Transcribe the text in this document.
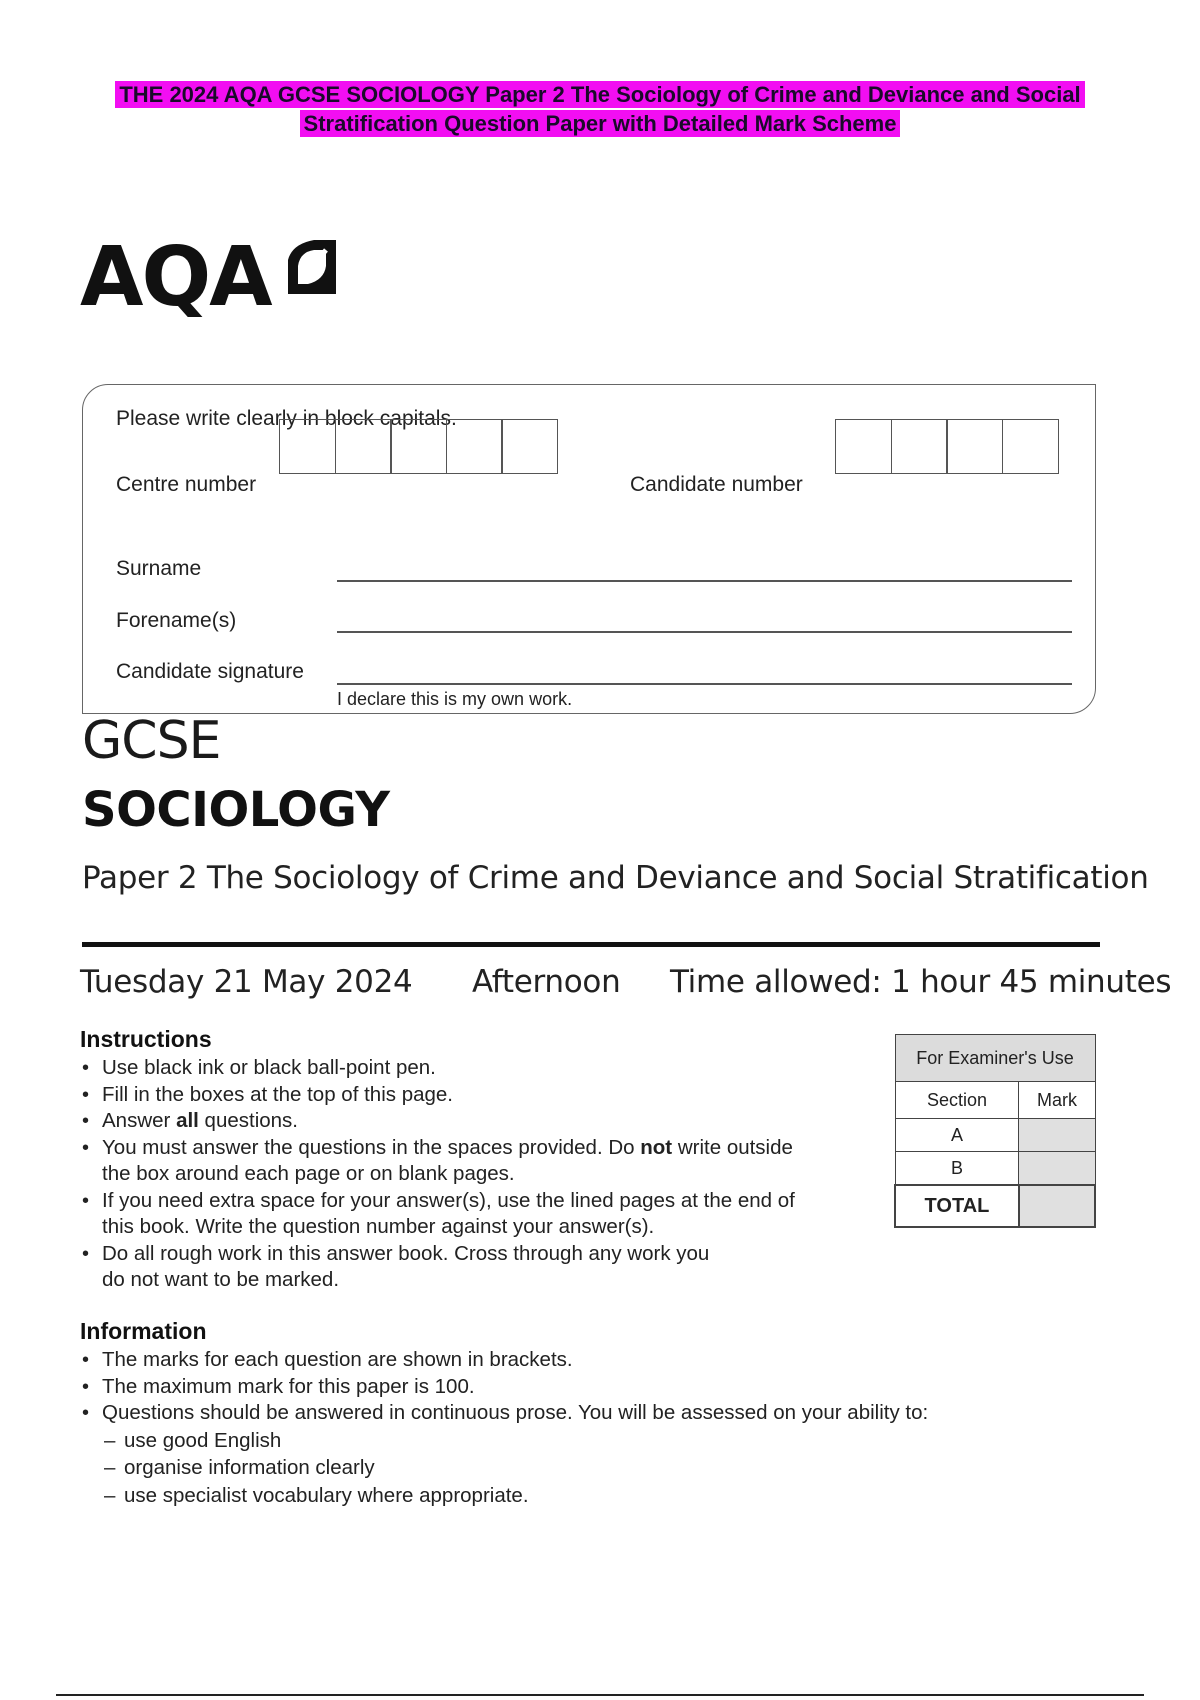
THE 2024 AQA GCSE SOCIOLOGY Paper 2 The Sociology of Crime and Deviance and Social
Stratification Question Paper with Detailed Mark Scheme
AQA
Please write clearly in block capitals.
Centre number	Candidate number
Surname
Forename(s)
Candidate signature
I declare this is my own work.
GCSE
SOCIOLOGY
Paper 2 The Sociology of Crime and Deviance and Social Stratification
Tuesday 21 May 2024 Afternoon Time allowed: 1 hour 45 minutes
Instructions
• Use black ink or black ball-point pen.
• Fill in the boxes at the top of this page.
• Answer all questions.
• You must answer the questions in the spaces provided. Do not write outside
the box around each page or on blank pages.
• If you need extra space for your answer(s), use the lined pages at the end of
this book. Write the question number against your answer(s).
• Do all rough work in this answer book. Cross through any work you
do not want to be marked.
For Examiner's Use	
Section	Mark
A	
B	
TOTAL	
Information
• The marks for each question are shown in brackets.
• The maximum mark for this paper is 100.
• Questions should be answered in continuous prose. You will be assessed on your ability to:
– use good English
– organise information clearly
– use specialist vocabulary where appropriate.
